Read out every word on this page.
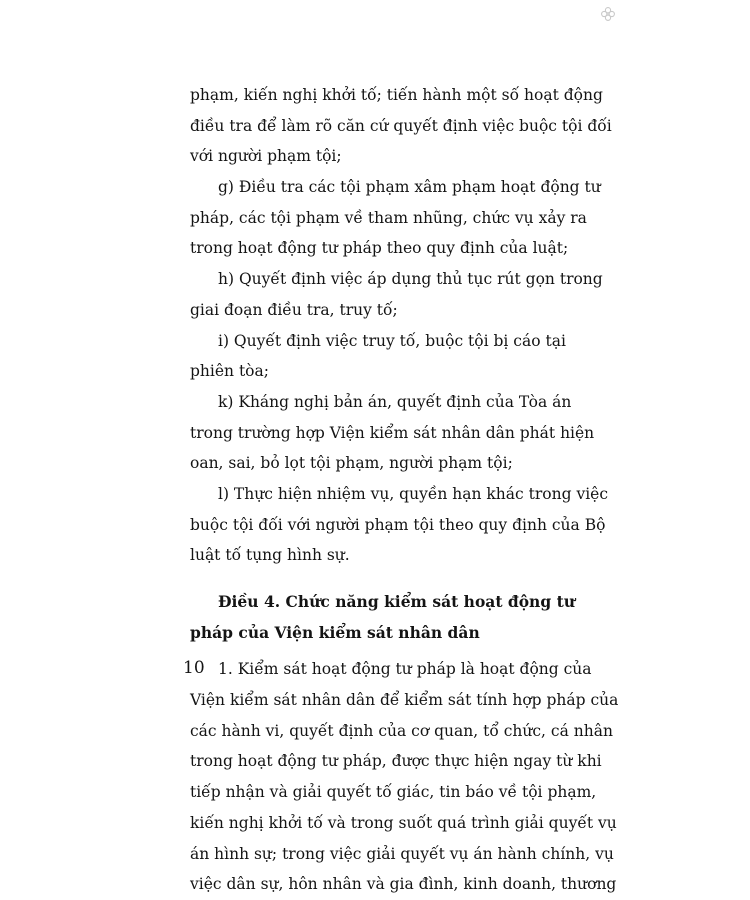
phạm, kiến nghị khởi tố; tiến hành một số hoạt động
điều tra để làm rõ căn cứ quyết định việc buộc tội đối
với người phạm tội;
g) Điều tra các tội phạm xâm phạm hoạt động tư
pháp, các tội phạm về tham nhũng, chức vụ xảy ra
trong hoạt động tư pháp theo quy định của luật;
h) Quyết định việc áp dụng thủ tục rút gọn trong
giai đoạn điều tra, truy tố;
i) Quyết định việc truy tố, buộc tội bị cáo tại
phiên tòa;
k) Kháng nghị bản án, quyết định của Tòa án
trong trường hợp Viện kiểm sát nhân dân phát hiện
oan, sai, bỏ lọt tội phạm, người phạm tội;
l) Thực hiện nhiệm vụ, quyền hạn khác trong việc
buộc tội đối với người phạm tội theo quy định của Bộ
luật tố tụng hình sự.
Điều 4. Chức năng kiểm sát hoạt động tư
pháp của Viện kiểm sát nhân dân
1. Kiểm sát hoạt động tư pháp là hoạt động của
Viện kiểm sát nhân dân để kiểm sát tính hợp pháp của
các hành vi, quyết định của cơ quan, tổ chức, cá nhân
trong hoạt động tư pháp, được thực hiện ngay từ khi
tiếp nhận và giải quyết tố giác, tin báo về tội phạm,
kiến nghị khởi tố và trong suốt quá trình giải quyết vụ
án hình sự; trong việc giải quyết vụ án hành chính, vụ
việc dân sự, hôn nhân và gia đình, kinh doanh, thương
10
